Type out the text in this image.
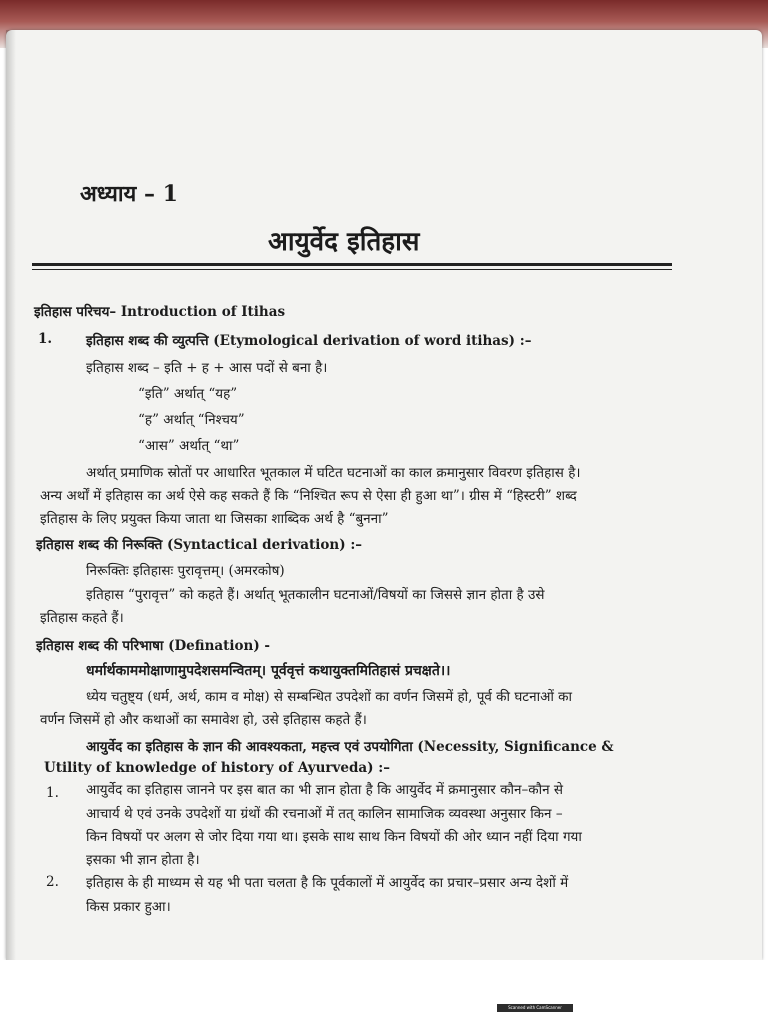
अध्याय – 1
आयुर्वेद इतिहास
इतिहास परिचय– Introduction of Itihas
1.	इतिहास शब्द की व्युत्पत्ति (Etymological derivation of word itihas) :–
इतिहास शब्द – इति + ह + आस पदों से बना है।
“इति” अर्थात् “यह”
“ह” अर्थात् “निश्चय”
“आस” अर्थात् “था”
अर्थात् प्रमाणिक स्रोतों पर आधारित भूतकाल में घटित घटनाओं का काल क्रमानुसार विवरण इतिहास है।
अन्य अर्थों में इतिहास का अर्थ ऐसे कह सकते हैं कि “निश्चित रूप से ऐसा ही हुआ था”। ग्रीस में “हिस्टरी” शब्द
इतिहास के लिए प्रयुक्त किया जाता था जिसका शाब्दिक अर्थ है “बुनना”
इतिहास शब्द की निरूक्ति (Syntactical derivation) :–
निरूक्तिः इतिहासः पुरावृत्तम्। (अमरकोष)
इतिहास “पुरावृत्त” को कहते हैं। अर्थात् भूतकालीन घटनाओं/विषयों का जिससे ज्ञान होता है उसे
इतिहास कहते हैं।
इतिहास शब्द की परिभाषा (Defination) -
धर्मार्थकाममोक्षाणामुपदेशसमन्वितम्। पूर्ववृत्तं कथायुक्तमितिहासं प्रचक्षते।।
ध्येय चतुष्ट्य (धर्म, अर्थ, काम व मोक्ष) से सम्बन्धित उपदेशों का वर्णन जिसमें हो, पूर्व की घटनाओं का
वर्णन जिसमें हो और कथाओं का समावेश हो, उसे इतिहास कहते हैं।
आयुर्वेद का इतिहास के ज्ञान की आवश्यकता, महत्त्व एवं उपयोगिता (Necessity, Significance &
Utility of knowledge of history of Ayurveda) :–
1. आयुर्वेद का इतिहास जानने पर इस बात का भी ज्ञान होता है कि आयुर्वेद में क्रमानुसार कौन–कौन से
आचार्य थे एवं उनके उपदेशों या ग्रंथों की रचनाओं में तत् कालिन सामाजिक व्यवस्था अनुसार किन –
किन विषयों पर अलग से जोर दिया गया था। इसके साथ साथ किन विषयों की ओर ध्यान नहीं दिया गया
इसका भी ज्ञान होता है।
2. इतिहास के ही माध्यम से यह भी पता चलता है कि पूर्वकालों में आयुर्वेद का प्रचार–प्रसार अन्य देशों में
किस प्रकार हुआ।
Scanned with CamScanner
